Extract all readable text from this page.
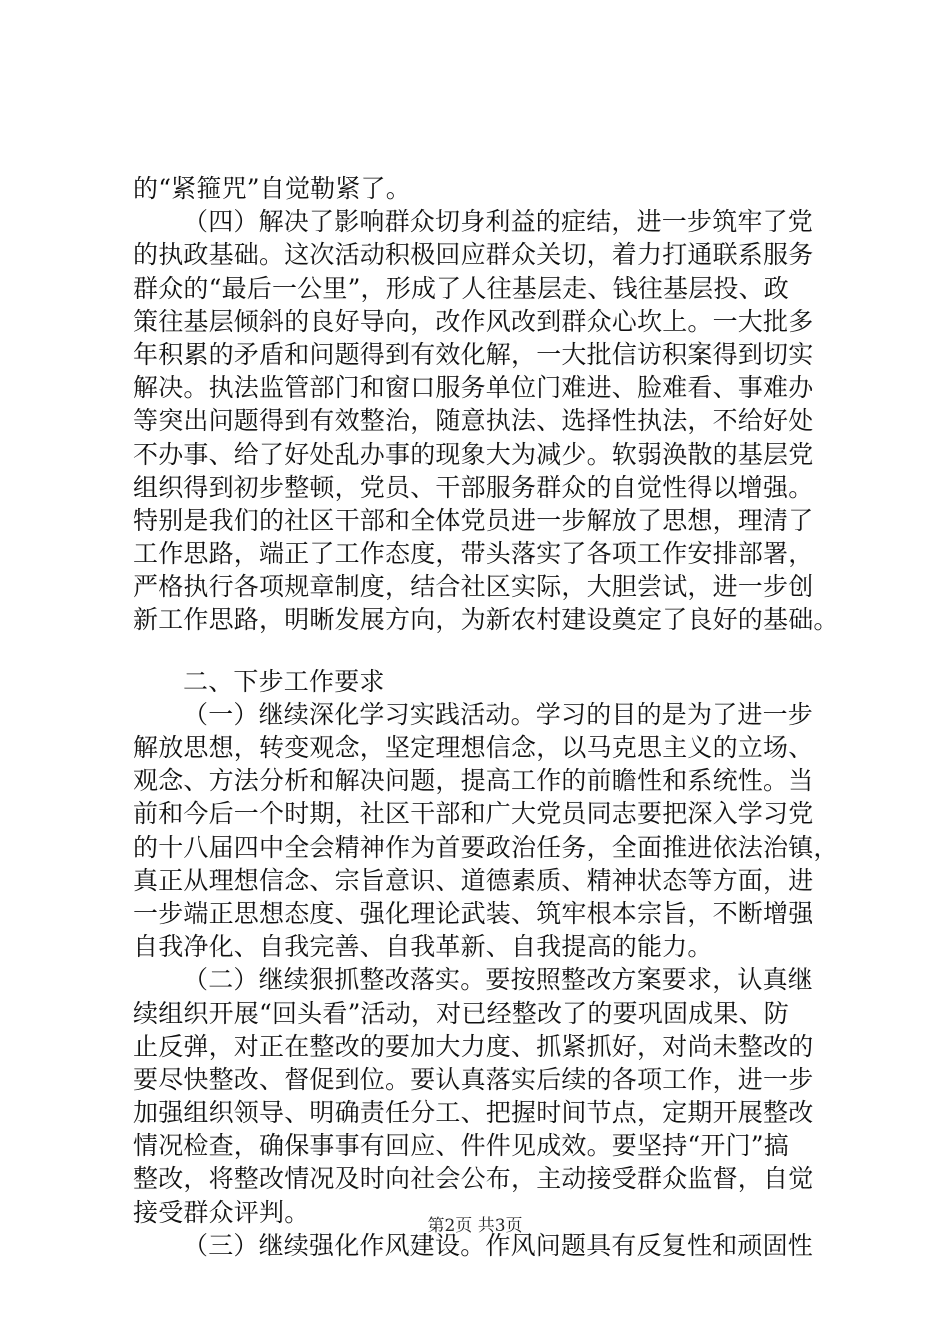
的“紧箍咒”自觉勒紧了。
（四）解决了影响群众切身利益的症结，进一步筑牢了党
的执政基础。这次活动积极回应群众关切，着力打通联系服务
群众的“最后一公里”，形成了人往基层走、钱往基层投、政
策往基层倾斜的良好导向，改作风改到群众心坎上。一大批多
年积累的矛盾和问题得到有效化解，一大批信访积案得到切实
解决。执法监管部门和窗口服务单位门难进、脸难看、事难办
等突出问题得到有效整治，随意执法、选择性执法，不给好处
不办事、给了好处乱办事的现象大为减少。软弱涣散的基层党
组织得到初步整顿，党员、干部服务群众的自觉性得以增强。
特别是我们的社区干部和全体党员进一步解放了思想，理清了
工作思路，端正了工作态度，带头落实了各项工作安排部署，
严格执行各项规章制度，结合社区实际，大胆尝试，进一步创
新工作思路，明晰发展方向，为新农村建设奠定了良好的基础。
二、下步工作要求
（一）继续深化学习实践活动。学习的目的是为了进一步
解放思想，转变观念，坚定理想信念，以马克思主义的立场、
观念、方法分析和解决问题，提高工作的前瞻性和系统性。当
前和今后一个时期，社区干部和广大党员同志要把深入学习党
的十八届四中全会精神作为首要政治任务，全面推进依法治镇，
真正从理想信念、宗旨意识、道德素质、精神状态等方面，进
一步端正思想态度、强化理论武装、筑牢根本宗旨，不断增强
自我净化、自我完善、自我革新、自我提高的能力。
（二）继续狠抓整改落实。要按照整改方案要求，认真继
续组织开展“回头看”活动，对已经整改了的要巩固成果、防
止反弹，对正在整改的要加大力度、抓紧抓好，对尚未整改的
要尽快整改、督促到位。要认真落实后续的各项工作，进一步
加强组织领导、明确责任分工、把握时间节点，定期开展整改
情况检查，确保事事有回应、件件见成效。要坚持“开门”搞
整改，将整改情况及时向社会公布，主动接受群众监督，自觉
接受群众评判。
（三）继续强化作风建设。作风问题具有反复性和顽固性
第2页 共3页
